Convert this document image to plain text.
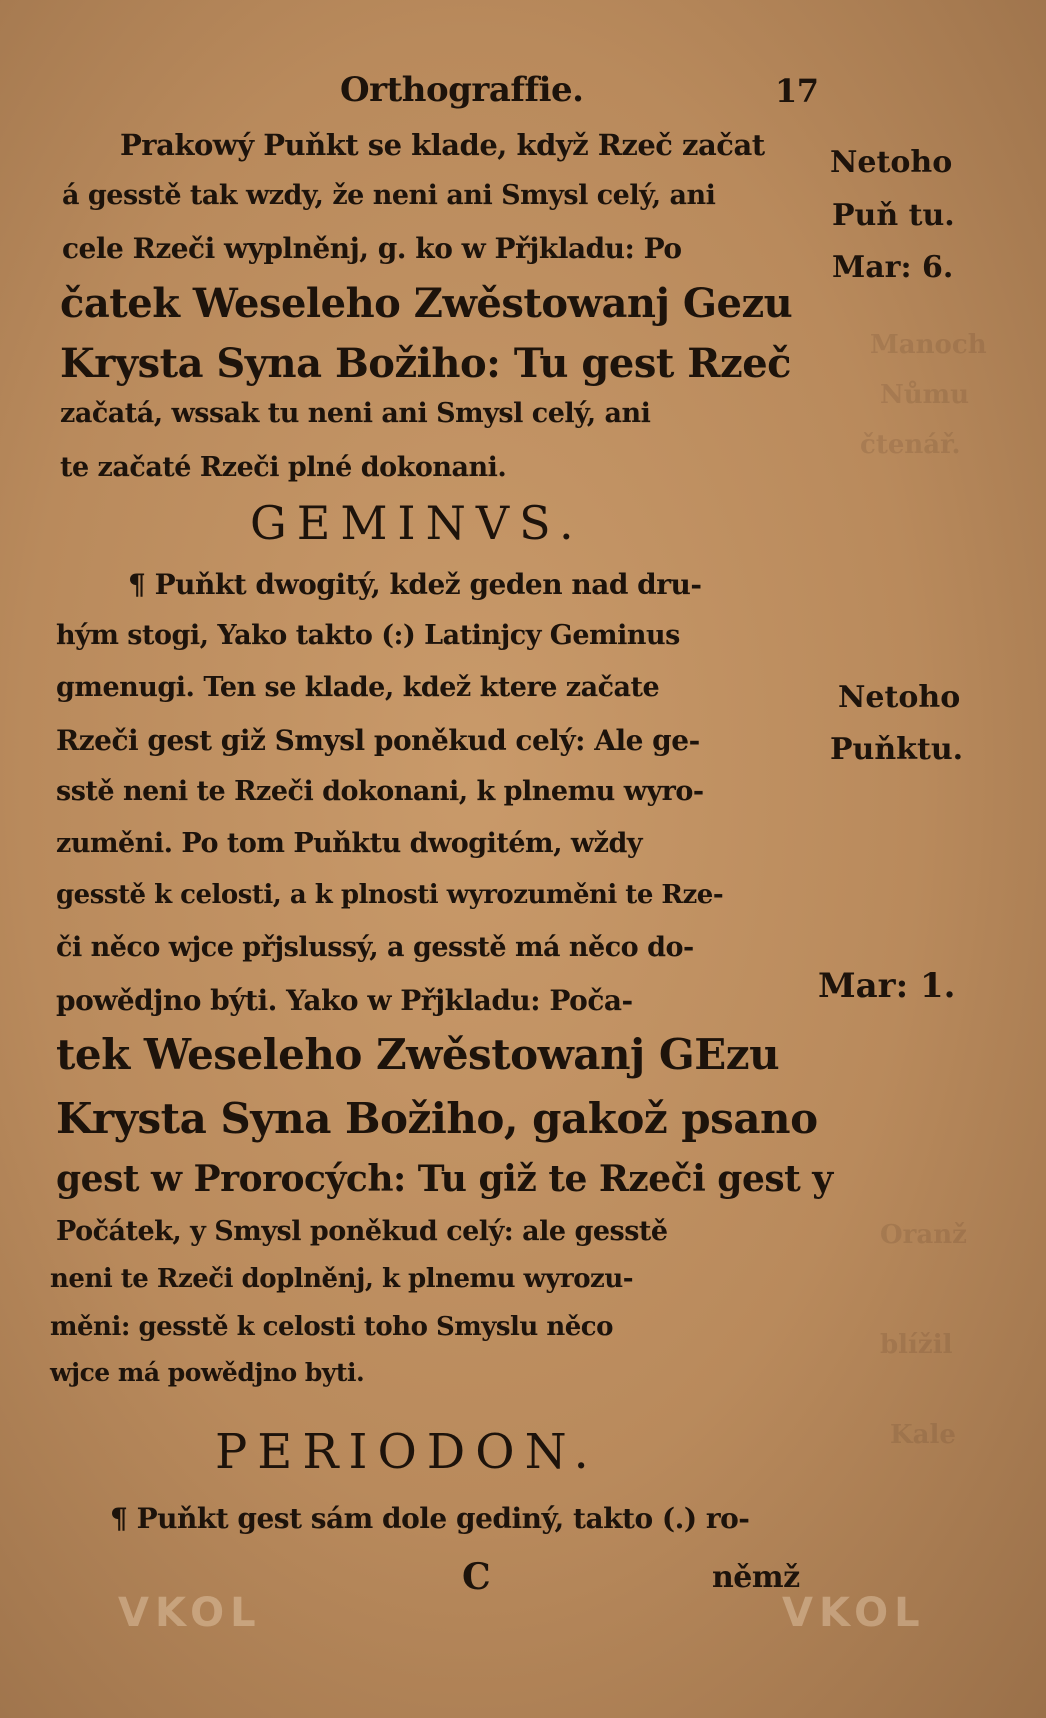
Manoch
Nůmu
čtenář.
Oranž
blížil
Kale
Orthograffie.	17
Prakowý Puňkt se klade, když Rzeč začat
á gesstě tak wzdy, že neni ani Smysl celý, ani
cele Rzeči wyplněnj, g. ko w Přjkladu: Po
čatek Weseleho Zwěstowanj Gezu
Krysta Syna Božiho: Tu gest Rzeč
začatá, wssak tu neni ani Smysl celý, ani
te začaté Rzeči plné dokonani.
GEMINVS.
¶ Puňkt dwogitý, kdež geden nad dru-
hým stogi, Yako takto (:) Latinjcy Geminus
gmenugi. Ten se klade, kdež ktere začate
Rzeči gest giž Smysl poněkud celý: Ale ge-
sstě neni te Rzeči dokonani, k plnemu wyro-
zuměni. Po tom Puňktu dwogitém, wždy
gesstě k celosti, a k plnosti wyrozuměni te Rze-
či něco wjce přjslussý, a gesstě má něco do-
powědjno býti. Yako w Přjkladu: Poča-
tek Weseleho Zwěstowanj GEzu
Krysta Syna Božiho, gakož psano
gest w Prorocých: Tu giž te Rzeči gest y
Počátek, y Smysl poněkud celý: ale gesstě
neni te Rzeči doplněnj, k plnemu wyrozu-
měni: gesstě k celosti toho Smyslu něco
wjce má powědjno byti.
PERIODON.
¶ Puňkt gest sám dole gediný, takto (.) ro-
C	němž
Netoho
Puň tu.
Mar: 6.
Netoho
Puňktu.
Mar: 1.
VKOL	VKOL
